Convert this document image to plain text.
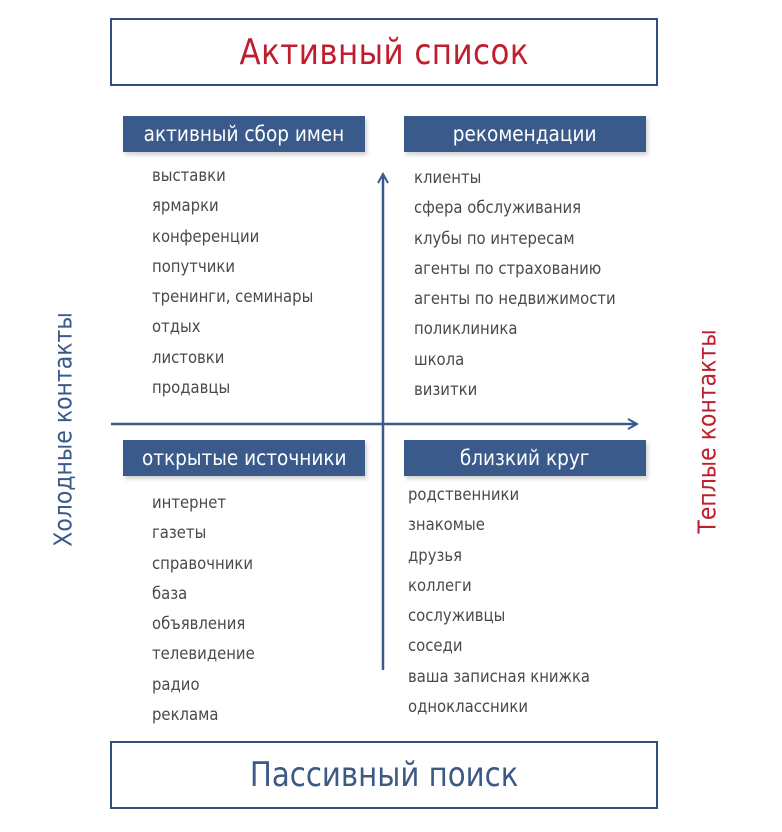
Активный список
Пассивный поиск
Холодные контакты	Теплые контакты
активный сбор имен	рекомендации
открытые источники	близкий круг
выставки
ярмарки
конференции
попутчики
тренинги, семинары
отдых
листовки
продавцы
клиенты
сфера обслуживания
клубы по интересам
агенты по страхованию
агенты по недвижимости
поликлиника
школа
визитки
интернет
газеты
справочники
база
объявления
телевидение
радио
реклама
родственники
знакомые
друзья
коллеги
сослуживцы
соседи
ваша записная книжка
одноклассники
